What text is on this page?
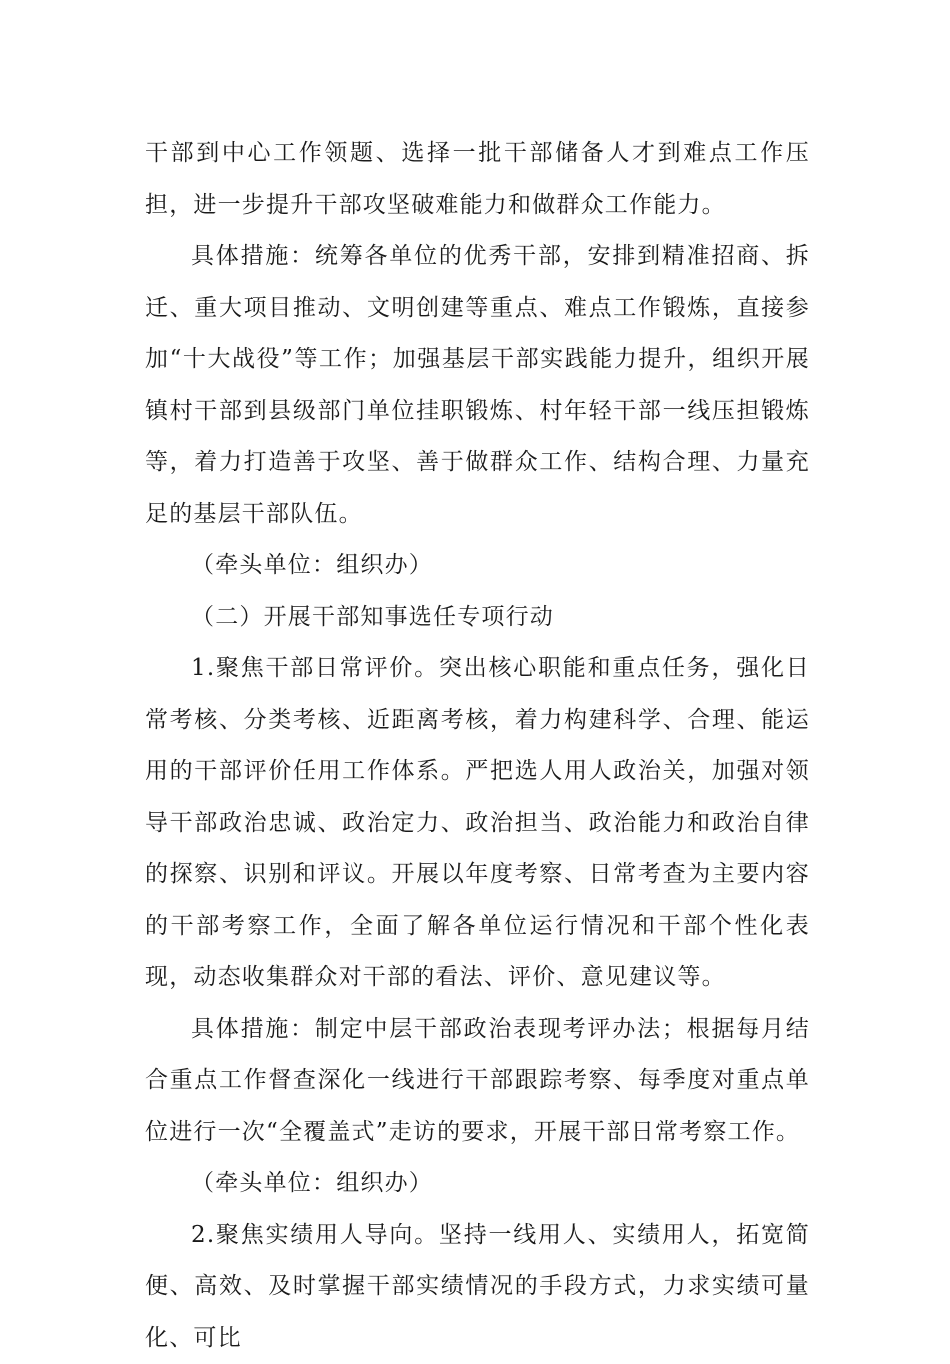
干部到中心工作领题、选择一批干部储备人才到难点工作压担，进一步提升干部攻坚破难能力和做群众工作能力。

具体措施：统筹各单位的优秀干部，安排到精准招商、拆迁、重大项目推动、文明创建等重点、难点工作锻炼，直接参加“十大战役”等工作；加强基层干部实践能力提升，组织开展镇村干部到县级部门单位挂职锻炼、村年轻干部一线压担锻炼等，着力打造善于攻坚、善于做群众工作、结构合理、力量充足的基层干部队伍。

（牵头单位：组织办）

（二）开展干部知事选任专项行动

1.聚焦干部日常评价。突出核心职能和重点任务，强化日常考核、分类考核、近距离考核，着力构建科学、合理、能运用的干部评价任用工作体系。严把选人用人政治关，加强对领导干部政治忠诚、政治定力、政治担当、政治能力和政治自律的探察、识别和评议。开展以年度考察、日常考查为主要内容的干部考察工作，全面了解各单位运行情况和干部个性化表现，动态收集群众对干部的看法、评价、意见建议等。

具体措施：制定中层干部政治表现考评办法；根据每月结合重点工作督查深化一线进行干部跟踪考察、每季度对重点单位进行一次“全覆盖式”走访的要求，开展干部日常考察工作。

（牵头单位：组织办）

2.聚焦实绩用人导向。坚持一线用人、实绩用人，拓宽简便、高效、及时掌握干部实绩情况的手段方式，力求实绩可量化、可比
